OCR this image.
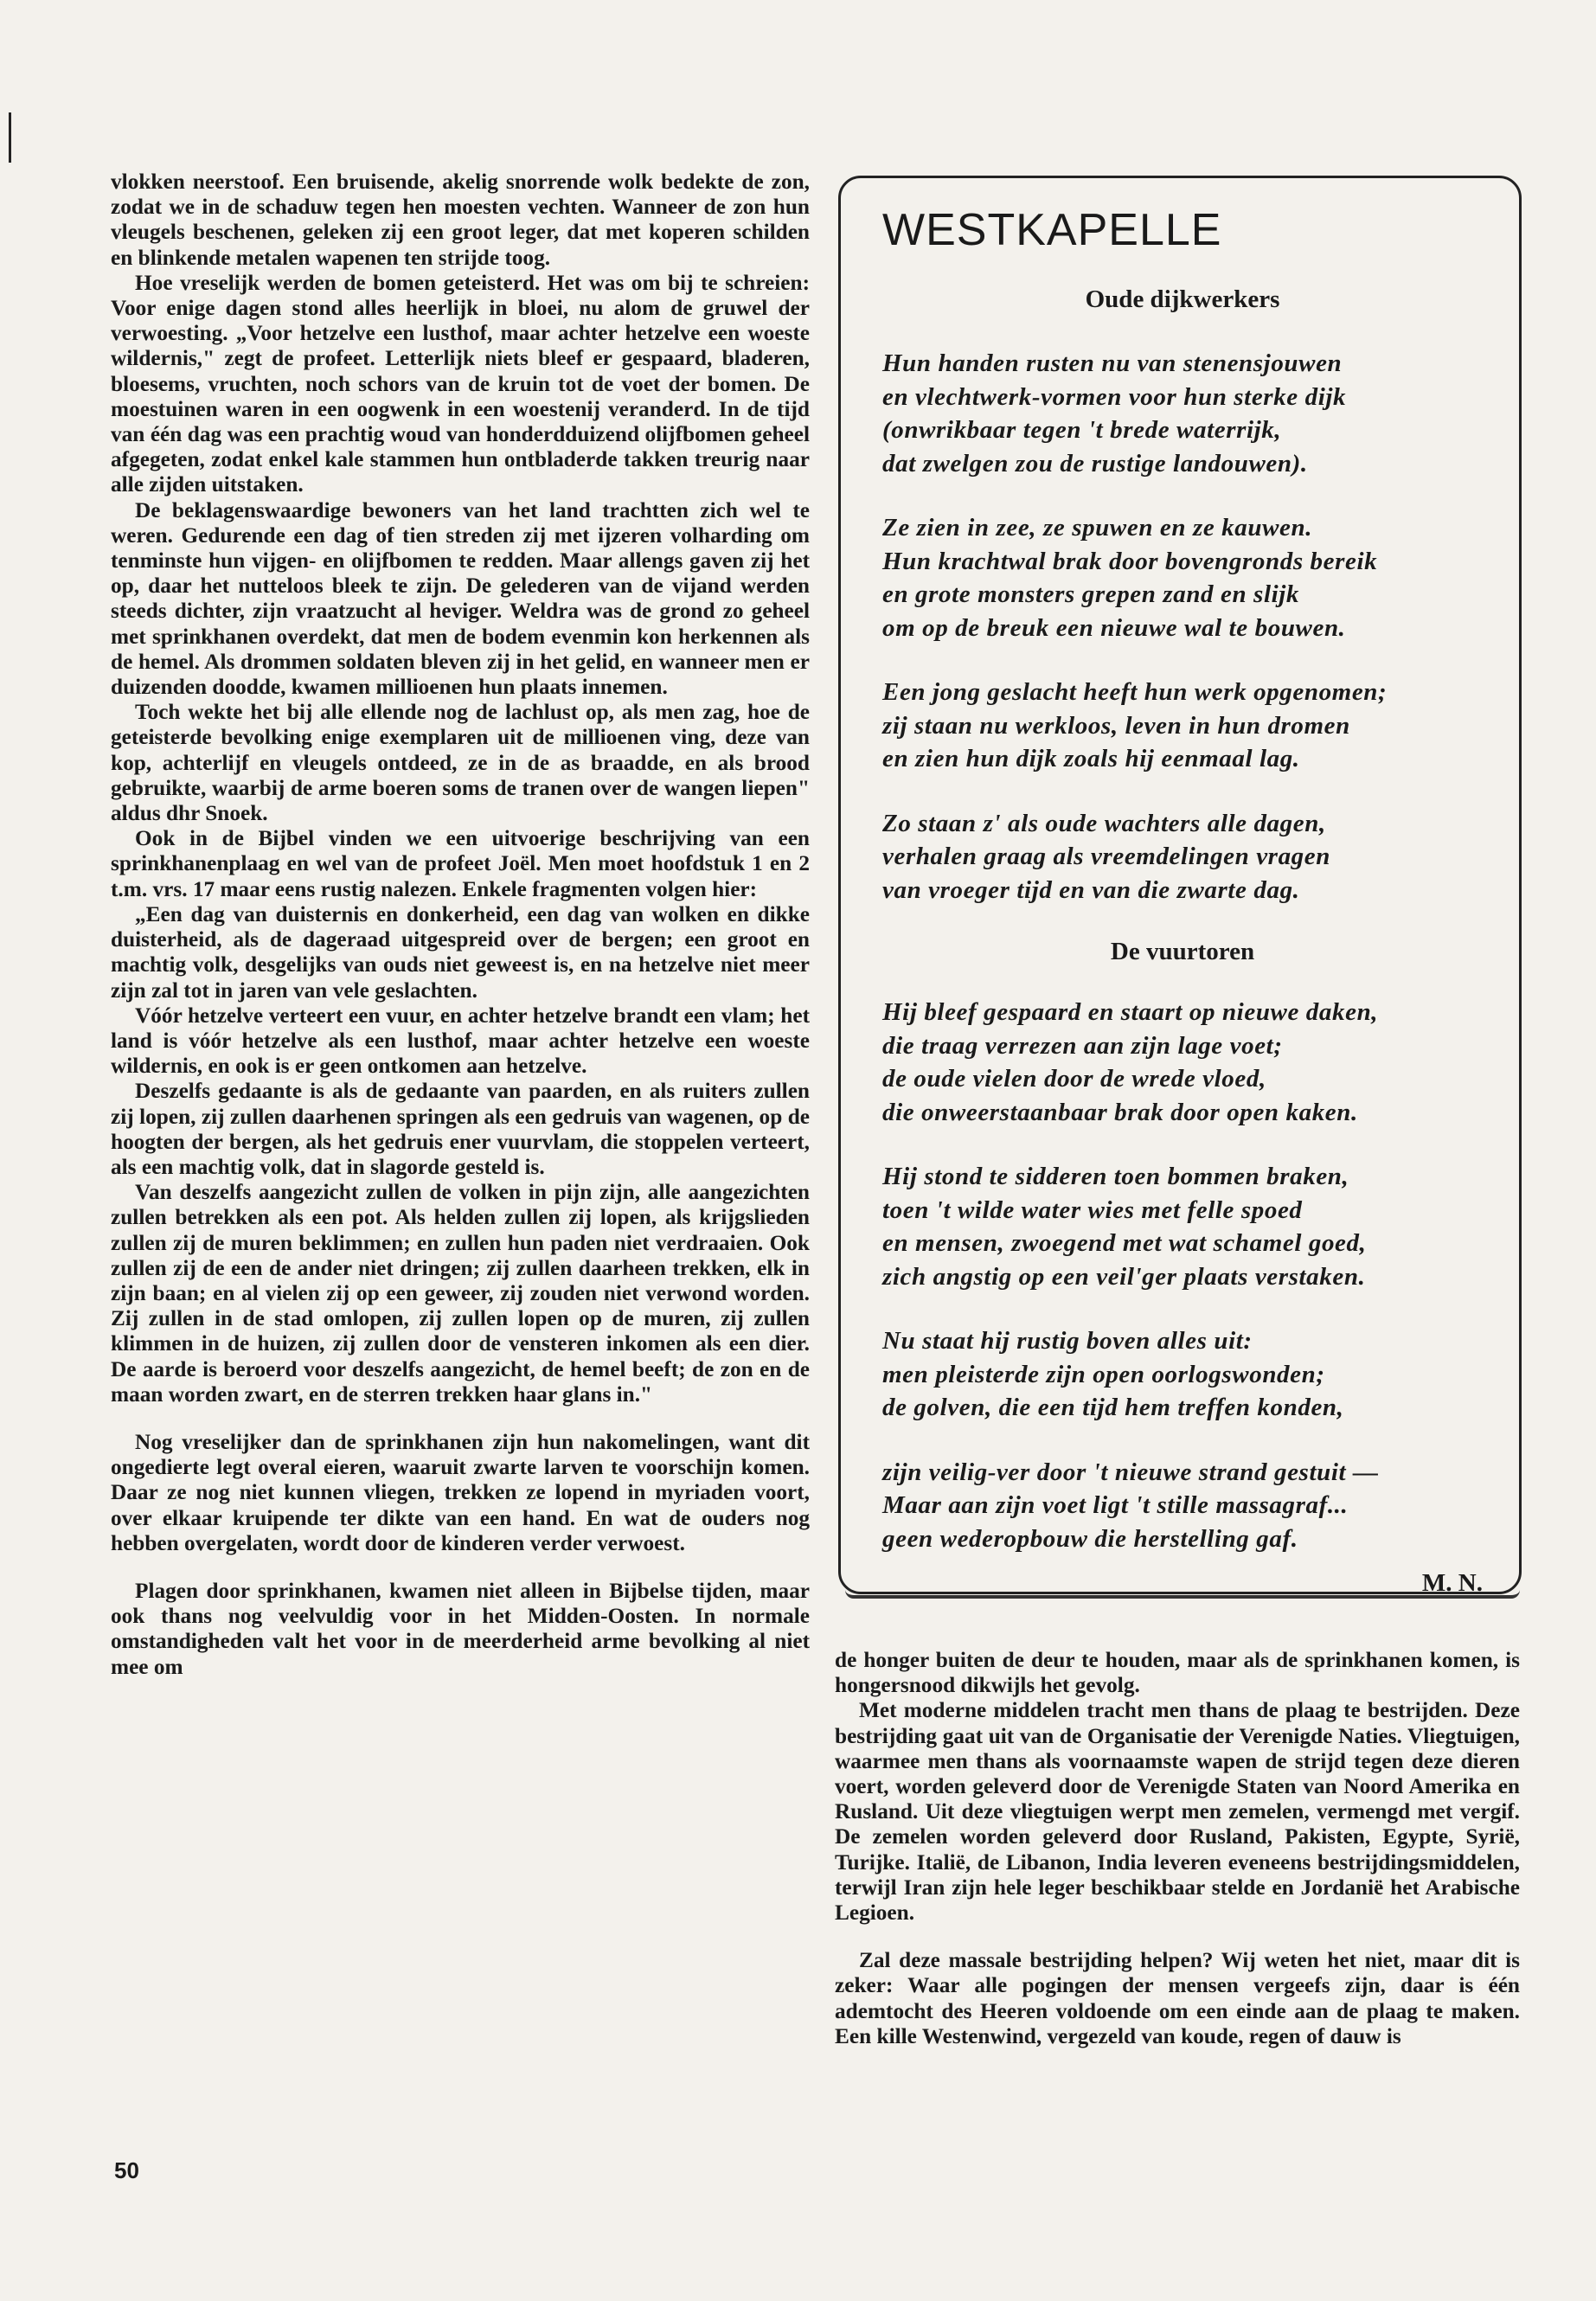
vlokken neerstoof. Een bruisende, akelig snorrende wolk bedekte de zon, zodat we in de schaduw tegen hen moesten vechten. Wanneer de zon hun vleugels beschenen, geleken zij een groot leger, dat met koperen schilden en blinkende metalen wapenen ten strijde toog.

Hoe vreselijk werden de bomen geteisterd. Het was om bij te schreien: Voor enige dagen stond alles heerlijk in bloei, nu alom de gruwel der verwoesting. „Voor hetzelve een lusthof, maar achter hetzelve een woeste wildernis," zegt de profeet. Letterlijk niets bleef er gespaard, bladeren, bloesems, vruchten, noch schors van de kruin tot de voet der bomen. De moestuinen waren in een oogwenk in een woestenij veranderd. In de tijd van één dag was een prachtig woud van honderdduizend olijfbomen geheel afgegeten, zodat enkel kale stammen hun ontbladerde takken treurig naar alle zijden uitstaken.

De beklagenswaardige bewoners van het land trachtten zich wel te weren. Gedurende een dag of tien streden zij met ijzeren volharding om tenminste hun vijgen- en olijfbomen te redden. Maar allengs gaven zij het op, daar het nutteloos bleek te zijn. De gelederen van de vijand werden steeds dichter, zijn vraatzucht al heviger. Weldra was de grond zo geheel met sprinkhanen overdekt, dat men de bodem evenmin kon herkennen als de hemel. Als drommen soldaten bleven zij in het gelid, en wanneer men er duizenden doodde, kwamen millioenen hun plaats innemen.

Toch wekte het bij alle ellende nog de lachlust op, als men zag, hoe de geteisterde bevolking enige exemplaren uit de millioenen ving, deze van kop, achterlijf en vleugels ontdeed, ze in de as braadde, en als brood gebruikte, waarbij de arme boeren soms de tranen over de wangen liepen" aldus dhr Snoek.

Ook in de Bijbel vinden we een uitvoerige beschrijving van een sprinkhanenplaag en wel van de profeet Joël. Men moet hoofdstuk 1 en 2 t.m. vrs. 17 maar eens rustig nalezen. Enkele fragmenten volgen hier:

„Een dag van duisternis en donkerheid, een dag van wolken en dikke duisterheid, als de dageraad uitgespreid over de bergen; een groot en machtig volk, desgelijks van ouds niet geweest is, en na hetzelve niet meer zijn zal tot in jaren van vele geslachten.

Vóór hetzelve verteert een vuur, en achter hetzelve brandt een vlam; het land is vóór hetzelve als een lusthof, maar achter hetzelve een woeste wildernis, en ook is er geen ontkomen aan hetzelve.

Deszelfs gedaante is als de gedaante van paarden, en als ruiters zullen zij lopen, zij zullen daarhenen springen als een gedruis van wagenen, op de hoogten der bergen, als het gedruis ener vuurvlam, die stoppelen verteert, als een machtig volk, dat in slagorde gesteld is.

Van deszelfs aangezicht zullen de volken in pijn zijn, alle aangezichten zullen betrekken als een pot. Als helden zullen zij lopen, als krijgslieden zullen zij de muren beklimmen; en zullen hun paden niet verdraaien. Ook zullen zij de een de ander niet dringen; zij zullen daarheen trekken, elk in zijn baan; en al vielen zij op een geweer, zij zouden niet verwond worden. Zij zullen in de stad omlopen, zij zullen lopen op de muren, zij zullen klimmen in de huizen, zij zullen door de vensteren inkomen als een dier. De aarde is beroerd voor deszelfs aangezicht, de hemel beeft; de zon en de maan worden zwart, en de sterren trekken haar glans in."

Nog vreselijker dan de sprinkhanen zijn hun nakomelingen, want dit ongedierte legt overal eieren, waaruit zwarte larven te voorschijn komen. Daar ze nog niet kunnen vliegen, trekken ze lopend in myriaden voort, over elkaar kruipende ter dikte van een hand. En wat de ouders nog hebben overgelaten, wordt door de kinderen verder verwoest.

Plagen door sprinkhanen, kwamen niet alleen in Bijbelse tijden, maar ook thans nog veelvuldig voor in het Midden-Oosten. In normale omstandigheden valt het voor in de meerderheid arme bevolking al niet mee om

WESTKAPELLE
Oude dijkwerkers
Hun handen rusten nu van stenensjouwen
en vlechtwerk-vormen voor hun sterke dijk
(onwrikbaar tegen 't brede waterrijk,
dat zwelgen zou de rustige landouwen).
Ze zien in zee, ze spuwen en ze kauwen.
Hun krachtwal brak door bovengronds bereik
en grote monsters grepen zand en slijk
om op de breuk een nieuwe wal te bouwen.
Een jong geslacht heeft hun werk opgenomen;
zij staan nu werkloos, leven in hun dromen
en zien hun dijk zoals hij eenmaal lag.
Zo staan z' als oude wachters alle dagen,
verhalen graag als vreemdelingen vragen
van vroeger tijd en van die zwarte dag.
De vuurtoren
Hij bleef gespaard en staart op nieuwe daken,
die traag verrezen aan zijn lage voet;
de oude vielen door de wrede vloed,
die onweerstaanbaar brak door open kaken.
Hij stond te sidderen toen bommen braken,
toen 't wilde water wies met felle spoed
en mensen, zwoegend met wat schamel goed,
zich angstig op een veil'ger plaats verstaken.
Nu staat hij rustig boven alles uit:
men pleisterde zijn open oorlogswonden;
de golven, die een tijd hem treffen konden,
zijn veilig-ver door 't nieuwe strand gestuit —
Maar aan zijn voet ligt 't stille massagraf...
geen wederopbouw die herstelling gaf.
M. N.

de honger buiten de deur te houden, maar als de sprinkhanen komen, is hongersnood dikwijls het gevolg.

Met moderne middelen tracht men thans de plaag te bestrijden. Deze bestrijding gaat uit van de Organisatie der Verenigde Naties. Vliegtuigen, waarmee men thans als voornaamste wapen de strijd tegen deze dieren voert, worden geleverd door de Verenigde Staten van Noord Amerika en Rusland. Uit deze vliegtuigen werpt men zemelen, vermengd met vergif. De zemelen worden geleverd door Rusland, Pakisten, Egypte, Syrië, Turijke. Italië, de Libanon, India leveren eveneens bestrijdingsmiddelen, terwijl Iran zijn hele leger beschikbaar stelde en Jordanië het Arabische Legioen.

Zal deze massale bestrijding helpen? Wij weten het niet, maar dit is zeker: Waar alle pogingen der mensen vergeefs zijn, daar is één ademtocht des Heeren voldoende om een einde aan de plaag te maken. Een kille Westenwind, vergezeld van koude, regen of dauw is

50
